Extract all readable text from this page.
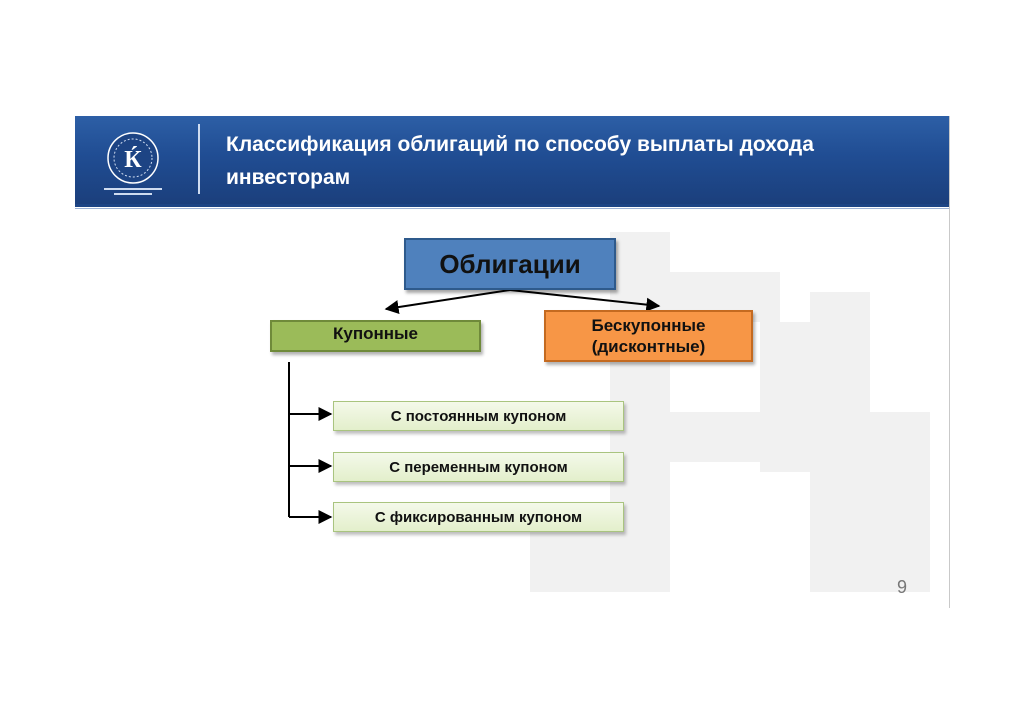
Ќ
Классификация облигаций по способу выплаты дохода инвесторам
Облигации
Купонные	Бескупонные (дисконтные)
С постоянным купоном
С переменным купоном
С фиксированным купоном
9
